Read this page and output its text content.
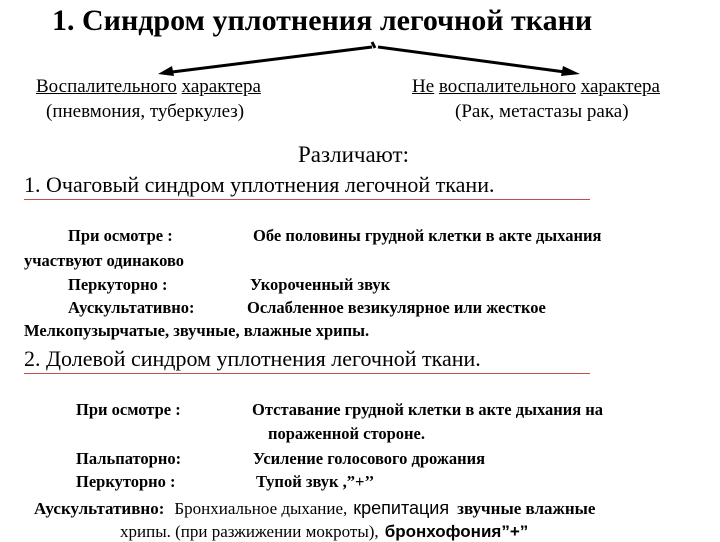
1. Синдром уплотнения легочной ткани
Воспалительного характера
(пневмония, туберкулез)
Не воспалительного характера
(Рак, метастазы рака)
Различают:
1. Очаговый синдром уплотнения легочной ткани.
При осмотре :	Обе половины грудной клетки в акте дыхания
участвуют одинаково
Перкуторно :	Укороченный звук
Аускультативно:	Ослабленное везикулярное или жесткое
Мелкопузырчатые, звучные, влажные хрипы.
2. Долевой синдром уплотнения легочной ткани.
При осмотре :	Отставание грудной клетки в акте дыхания на
пораженной стороне.
Пальпаторно:	Усиление голосового дрожания
Перкуторно :	Тупой звук ,”+’’
Аускультативно: Бронхиальное дыхание, крепитация звучные влажные
хрипы. (при разжижении мокроты), бронхофония”+”
